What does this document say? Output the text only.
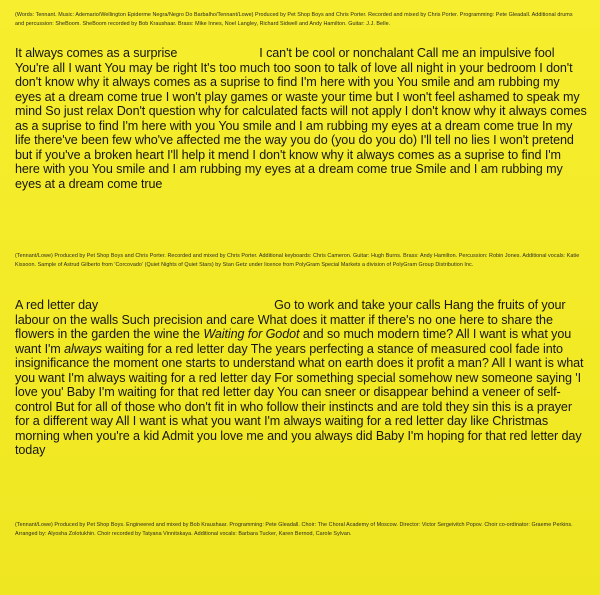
(Words: Tennant. Music: Ademario/Wellington Epiderme Negra/Negro Do Barbalho/Tennant/Lowe) Produced by Pet Shop Boys and Chris Porter. Recorded and mixed by Chris Porter. Programming: Pete Gleadall. Additional drums and percussion: SheBoom. SheBoom recorded by Bob Kraushaar. Brass: Mike Innes, Noel Langley, Richard Sidwell and Andy Hamilton. Guitar: J.J. Belle.

It always comes as a surprise	I can't be cool or nonchalant Call me an impulsive fool You're all I want You may be right It's too much too soon to talk of love all night in your bedroom I don't don't know why it always comes as a suprise to find I'm here with you You smile and am rubbing my eyes at a dream come true I won't play games or waste your time but I won't feel ashamed to speak my mind So just relax Don't question why for calculated facts will not apply I don't know why it always comes as a suprise to find I'm here with you You smile and I am rubbing my eyes at a dream come true In my life there've been few who've affected me the way you do (you do you do) I'll tell no lies I won't pretend but if you've a broken heart I'll help it mend I don't know why it always comes as a suprise to find I'm here with you You smile and I am rubbing my eyes at a dream come true Smile and I am rubbing my eyes at a dream come true

(Tennant/Lowe) Produced by Pet Shop Boys and Chris Porter. Recorded and mixed by Chris Porter. Additional keyboards: Chris Cameron. Guitar: Hugh Burns. Brass: Andy Hamilton. Percussion: Robin Jones. Additional vocals: Katie Kissoon. Sample of Astrud Gilberto from 'Corcovado' (Quiet Nights of Quiet Stars) by Stan Getz under licence from PolyGram Special Markets a division of PolyGram Group Distribution Inc.

A red letter day	Go to work and take your calls Hang the fruits of your labour on the walls Such precision and care What does it matter if there's no one here to share the flowers in the garden the wine the Waiting for Godot and so much modern time? All I want is what you want I'm always waiting for a red letter day The years perfecting a stance of measured cool fade into insignificance the moment one starts to understand what on earth does it profit a man? All I want is what you want I'm always waiting for a red letter day For something special somehow new someone saying 'I love you' Baby I'm waiting for that red letter day You can sneer or disappear behind a veneer of self-control But for all of those who don't fit in who follow their instincts and are told they sin this is a prayer for a different way All I want is what you want I'm always waiting for a red letter day like Christmas morning when you're a kid Admit you love me and you always did Baby I'm hoping for that red letter day today

(Tennant/Lowe) Produced by Pet Shop Boys. Engineered and mixed by Bob Kraushaar. Programming: Pete Gleadall. Choir: The Choral Academy of Moscow. Director: Victor Sergeivitch Popov. Choir co-ordinator: Graeme Perkins. Arranged by: Alyosha Zolotukhin. Choir recorded by Tatyana Vinnitskaya. Additional vocals: Barbara Tucker, Karen Bernod, Carole Sylvan.
